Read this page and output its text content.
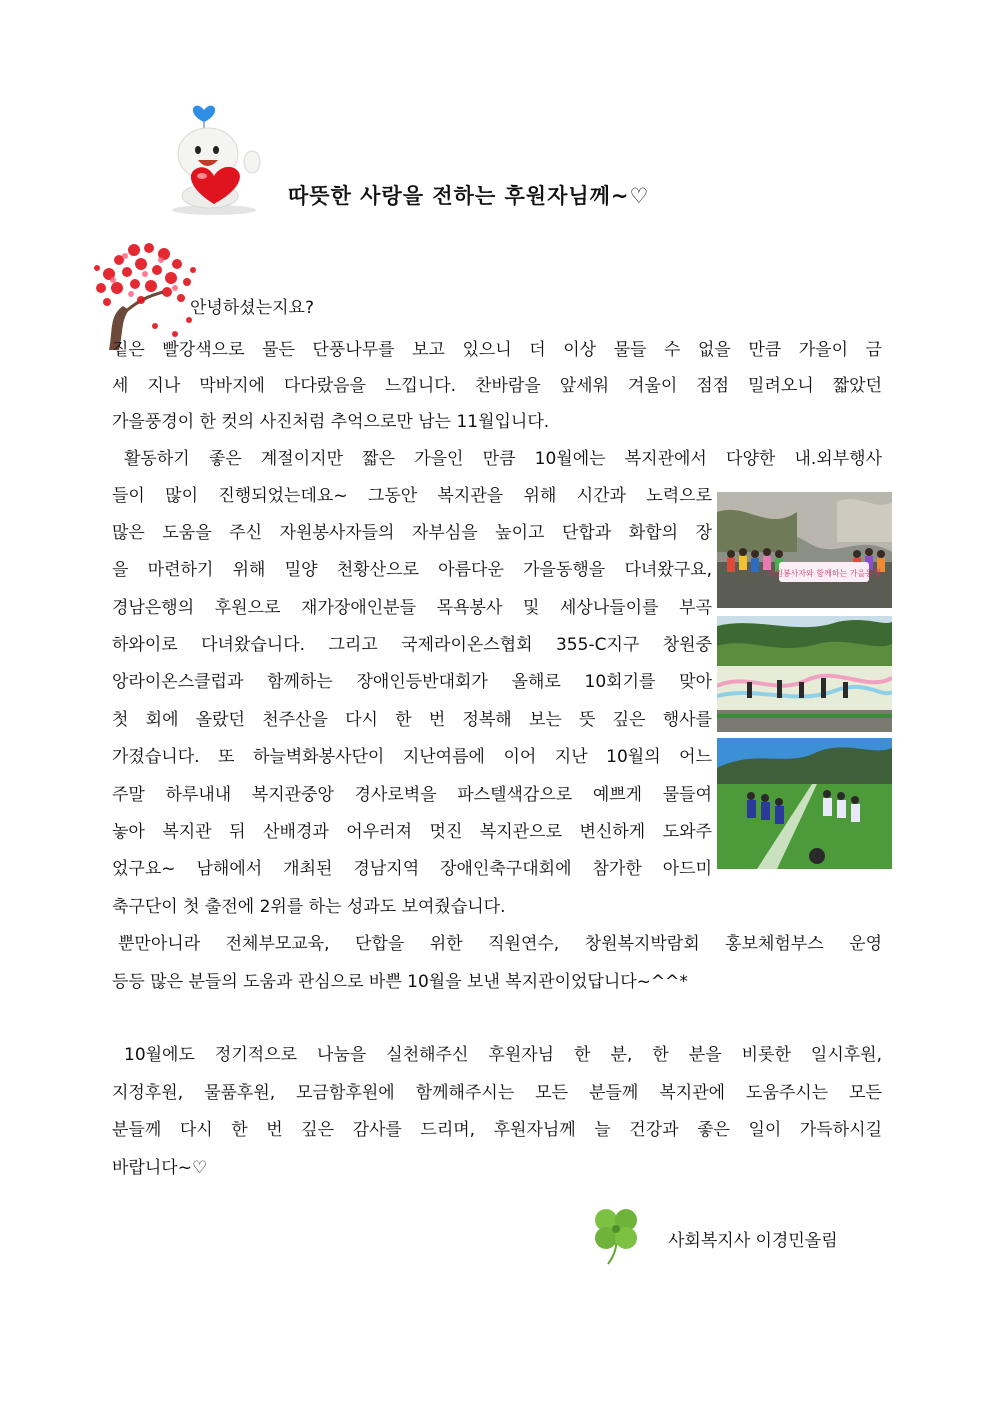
따뜻한 사랑을 전하는 후원자님께~♡
안녕하셨는지요?
짙은 빨강색으로 물든 단풍나무를 보고 있으니 더 이상 물들 수 없을 만큼 가을이 금
세 지나 막바지에 다다랐음을 느낍니다. 찬바람을 앞세워 겨울이 점점 밀려오니 짧았던
가을풍경이 한 컷의 사진처럼 추억으로만 남는 11월입니다.
활동하기 좋은 계절이지만 짧은 가을인 만큼 10월에는 복지관에서 다양한 내.외부행사
들이 많이 진행되었는데요~ 그동안 복지관을 위해 시간과 노력으로
많은 도움을 주신 자원봉사자들의 자부심을 높이고 단합과 화합의 장
을 마련하기 위해 밀양 천황산으로 아름다운 가을동행을 다녀왔구요,
경남은행의 후원으로 재가장애인분들 목욕봉사 및 세상나들이를 부곡
하와이로 다녀왔습니다. 그리고 국제라이온스협회 355-C지구 창원중
앙라이온스클럽과 함께하는 장애인등반대회가 올해로 10회기를 맞아
첫 회에 올랐던 천주산을 다시 한 번 정복해 보는 뜻 깊은 행사를
가졌습니다. 또 하늘벽화봉사단이 지난여름에 이어 지난 10월의 어느
주말 하루내내 복지관중앙 경사로벽을 파스텔색감으로 예쁘게 물들여
놓아 복지관 뒤 산배경과 어우러져 멋진 복지관으로 변신하게 도와주
었구요~ 남해에서 개최된 경남지역 장애인축구대회에 참가한 아드미
축구단이 첫 출전에 2위를 하는 성과도 보여줬습니다.
뿐만아니라 전체부모교육, 단합을 위한 직원연수, 창원복지박람회 홍보체험부스 운영
등등 많은 분들의 도움과 관심으로 바쁜 10월을 보낸 복지관이었답니다~^^*
10월에도 정기적으로 나눔을 실천해주신 후원자님 한 분, 한 분을 비롯한 일시후원,
지정후원, 물품후원, 모금함후원에 함께해주시는 모든 분들께 복지관에 도움주시는 모든
분들께 다시 한 번 깊은 감사를 드리며, 후원자님께 늘 건강과 좋은 일이 가득하시길
바랍니다~♡
자원봉사자와 함께하는 가을동행
사회복지사 이경민올림
